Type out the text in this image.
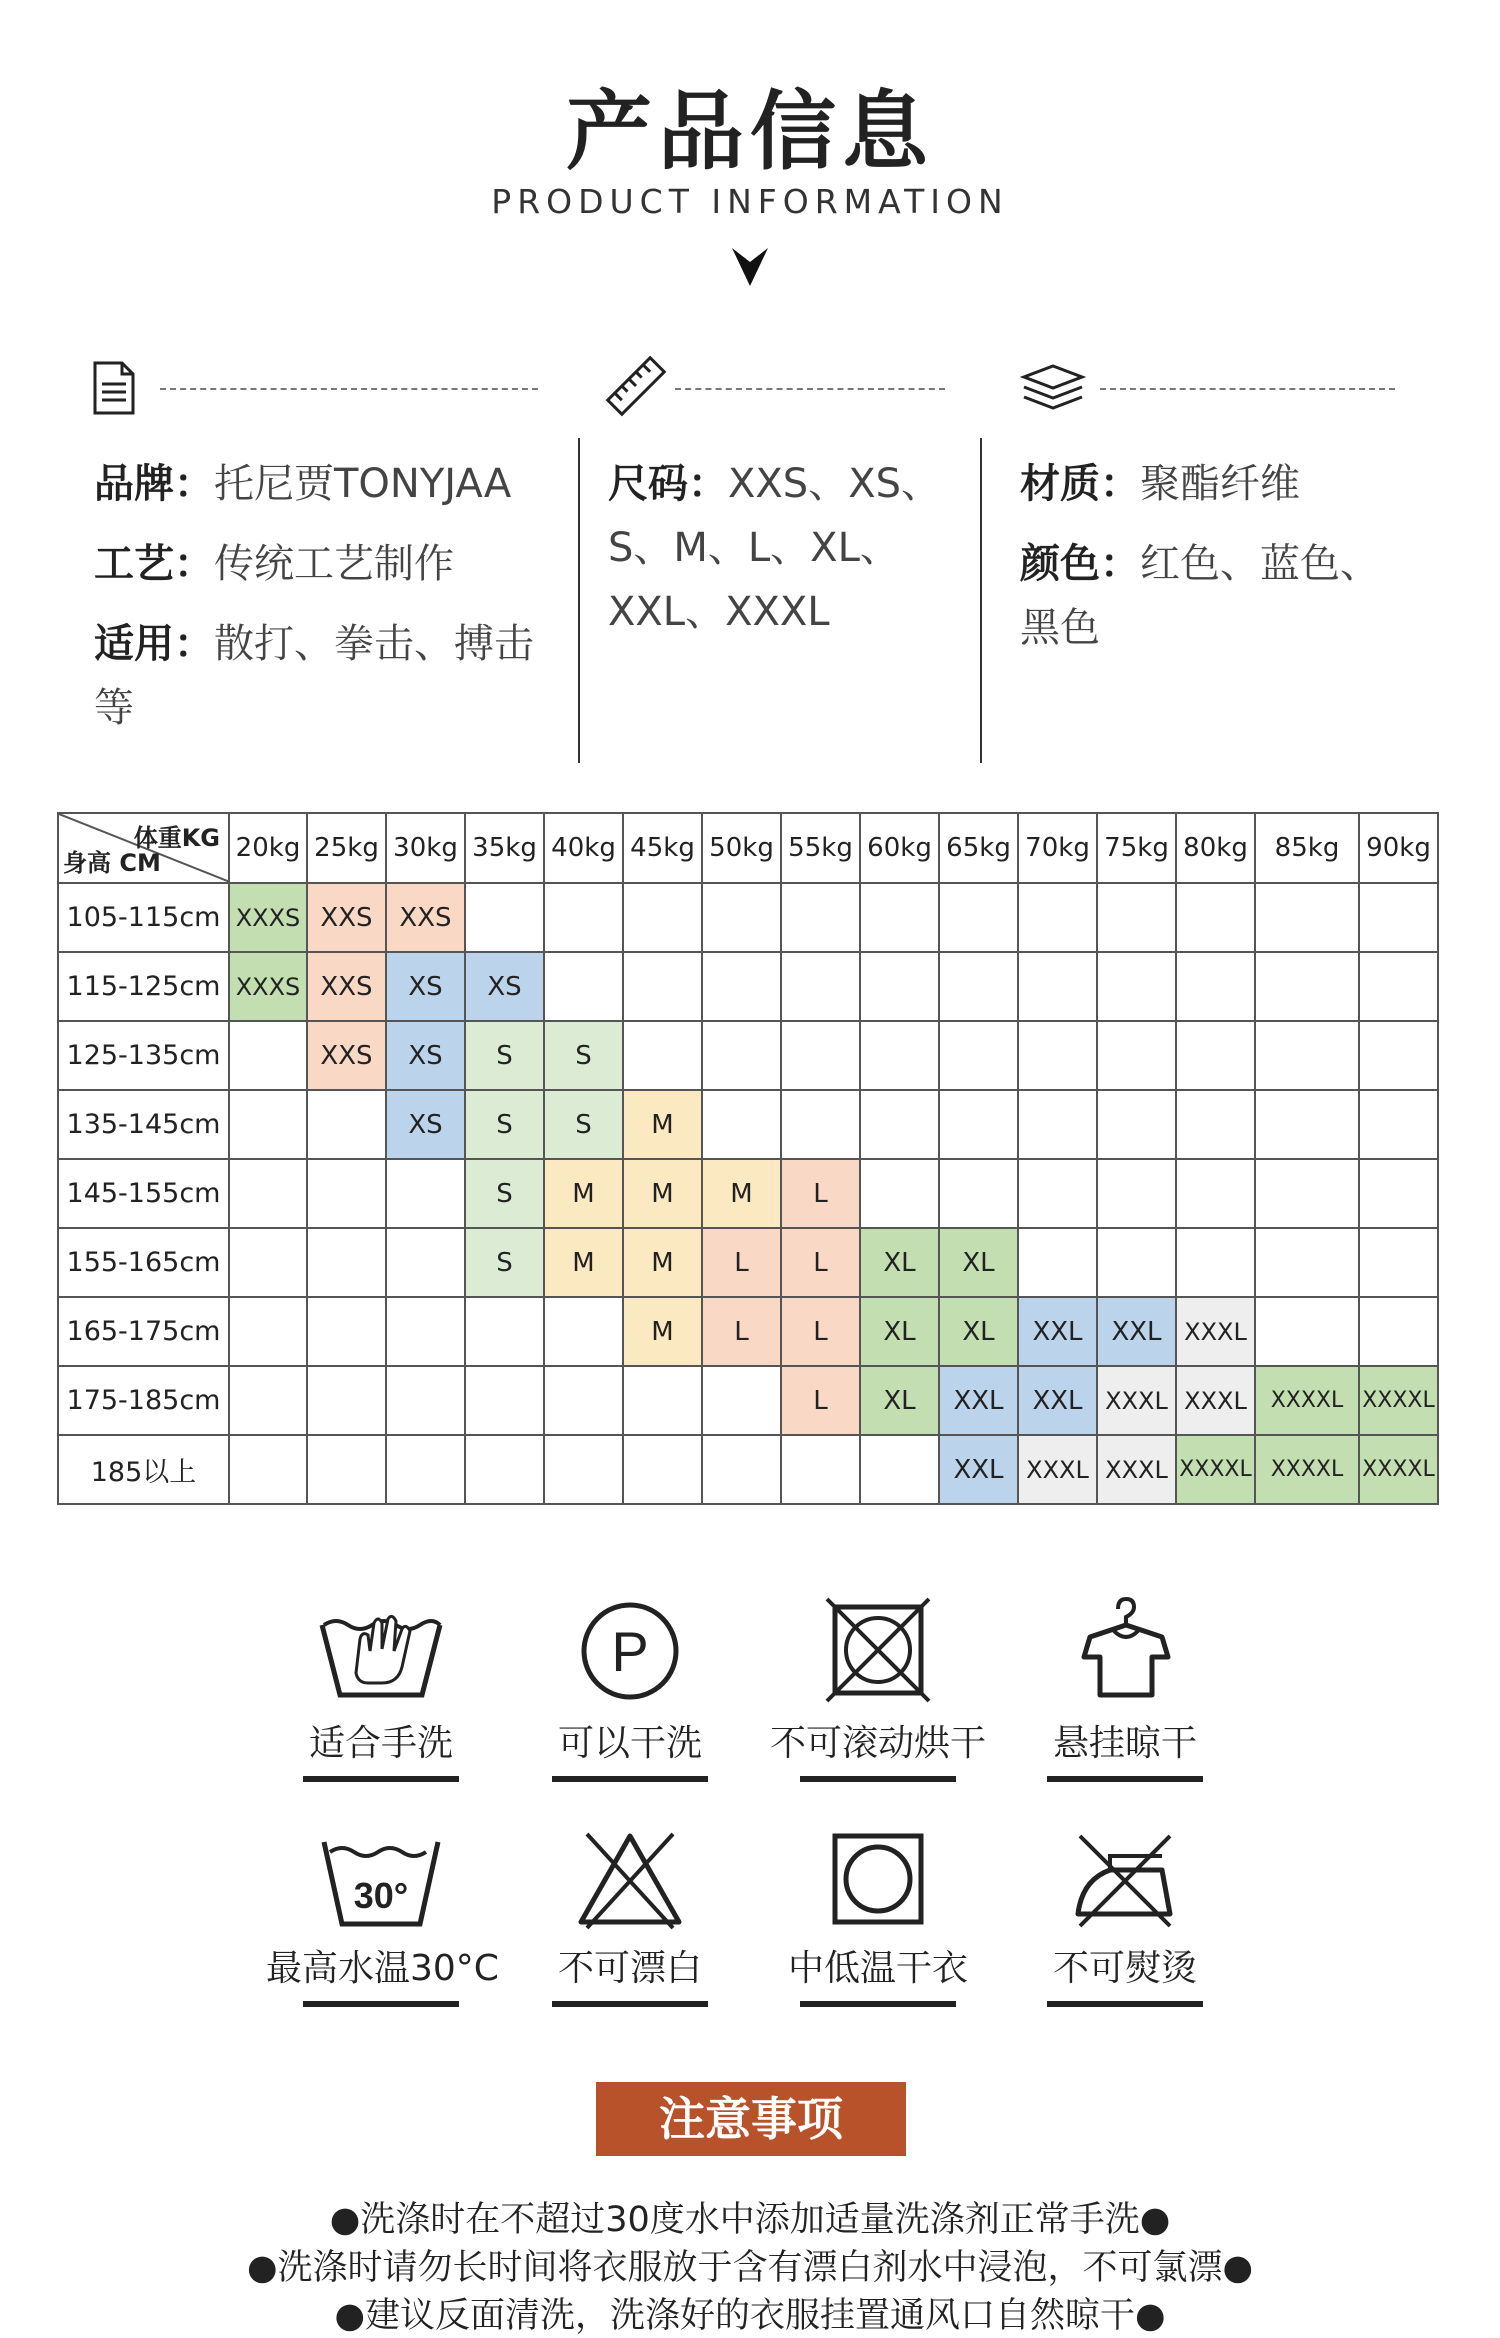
产品信息
PRODUCT INFORMATION
品牌：托尼贾TONYJAA
工艺：传统工艺制作
适用：散打、拳击、搏击
等
尺码：XXS、XS、
S、M、L、XL、
XXL、XXXL
材质：聚酯纤维
颜色：红色、蓝色、
黑色
体重KG
身高 CM	20kg	25kg	30kg	35kg	40kg	45kg	50kg	55kg	60kg	65kg	70kg	75kg	80kg	85kg	90kg
105-115cm	XXXS	XXS	XXS												
115-125cm	XXXS	XXS	XS	XS											
125-135cm		XXS	XS	S	S										
135-145cm			XS	S	S	M									
145-155cm				S	M	M	M	L							
155-165cm				S	M	M	L	L	XL	XL					
165-175cm						M	L	L	XL	XL	XXL	XXL	XXXL		
175-185cm								L	XL	XXL	XXL	XXXL	XXXL	XXXXL	XXXXL
185以上										XXL	XXXL	XXXL	XXXXL	XXXXL	XXXXL
适合手洗
P
可以干洗	不可滚动烘干	悬挂晾干
30°
最高水温30°C	不可漂白	中低温干衣	不可熨烫
注意事项
●洗涤时在不超过30度水中添加适量洗涤剂正常手洗●
●洗涤时请勿长时间将衣服放于含有漂白剂水中浸泡，不可氯漂●
●建议反面清洗，洗涤好的衣服挂置通风口自然晾干●
